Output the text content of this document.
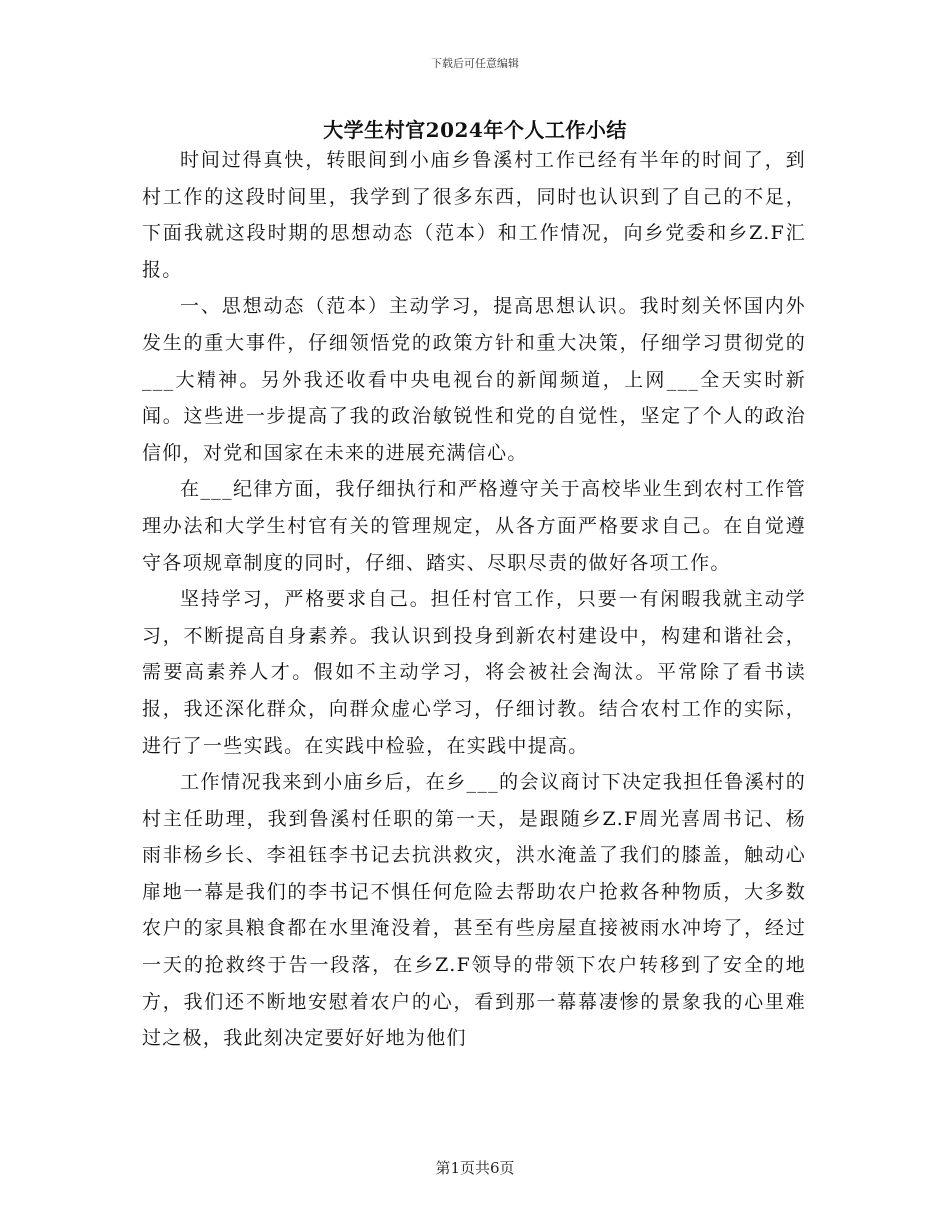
下载后可任意编辑
大学生村官2024年个人工作小结

时间过得真快，转眼间到小庙乡鲁溪村工作已经有半年的时间了，到村工作的这段时间里，我学到了很多东西，同时也认识到了自己的不足，下面我就这段时期的思想动态（范本）和工作情况，向乡党委和乡Z.F汇报。

一、思想动态（范本）主动学习，提高思想认识。我时刻关怀国内外发生的重大事件，仔细领悟党的政策方针和重大决策，仔细学习贯彻党的___大精神。另外我还收看中央电视台的新闻频道，上网___全天实时新闻。这些进一步提高了我的政治敏锐性和党的自觉性，坚定了个人的政治信仰，对党和国家在未来的进展充满信心。

在___纪律方面，我仔细执行和严格遵守关于高校毕业生到农村工作管理办法和大学生村官有关的管理规定，从各方面严格要求自己。在自觉遵守各项规章制度的同时，仔细、踏实、尽职尽责的做好各项工作。

坚持学习，严格要求自己。担任村官工作，只要一有闲暇我就主动学习，不断提高自身素养。我认识到投身到新农村建设中，构建和谐社会，需要高素养人才。假如不主动学习，将会被社会淘汰。平常除了看书读报，我还深化群众，向群众虚心学习，仔细讨教。结合农村工作的实际，进行了一些实践。在实践中检验，在实践中提高。

工作情况我来到小庙乡后，在乡___的会议商讨下决定我担任鲁溪村的村主任助理，我到鲁溪村任职的第一天，是跟随乡Z.F周光喜周书记、杨雨非杨乡长、李祖钰李书记去抗洪救灾，洪水淹盖了我们的膝盖，触动心扉地一幕是我们的李书记不惧任何危险去帮助农户抢救各种物质，大多数农户的家具粮食都在水里淹没着，甚至有些房屋直接被雨水冲垮了，经过一天的抢救终于告一段落，在乡Z.F领导的带领下农户转移到了安全的地方，我们还不断地安慰着农户的心，看到那一幕幕凄惨的景象我的心里难过之极，我此刻决定要好好地为他们

第1页共6页
